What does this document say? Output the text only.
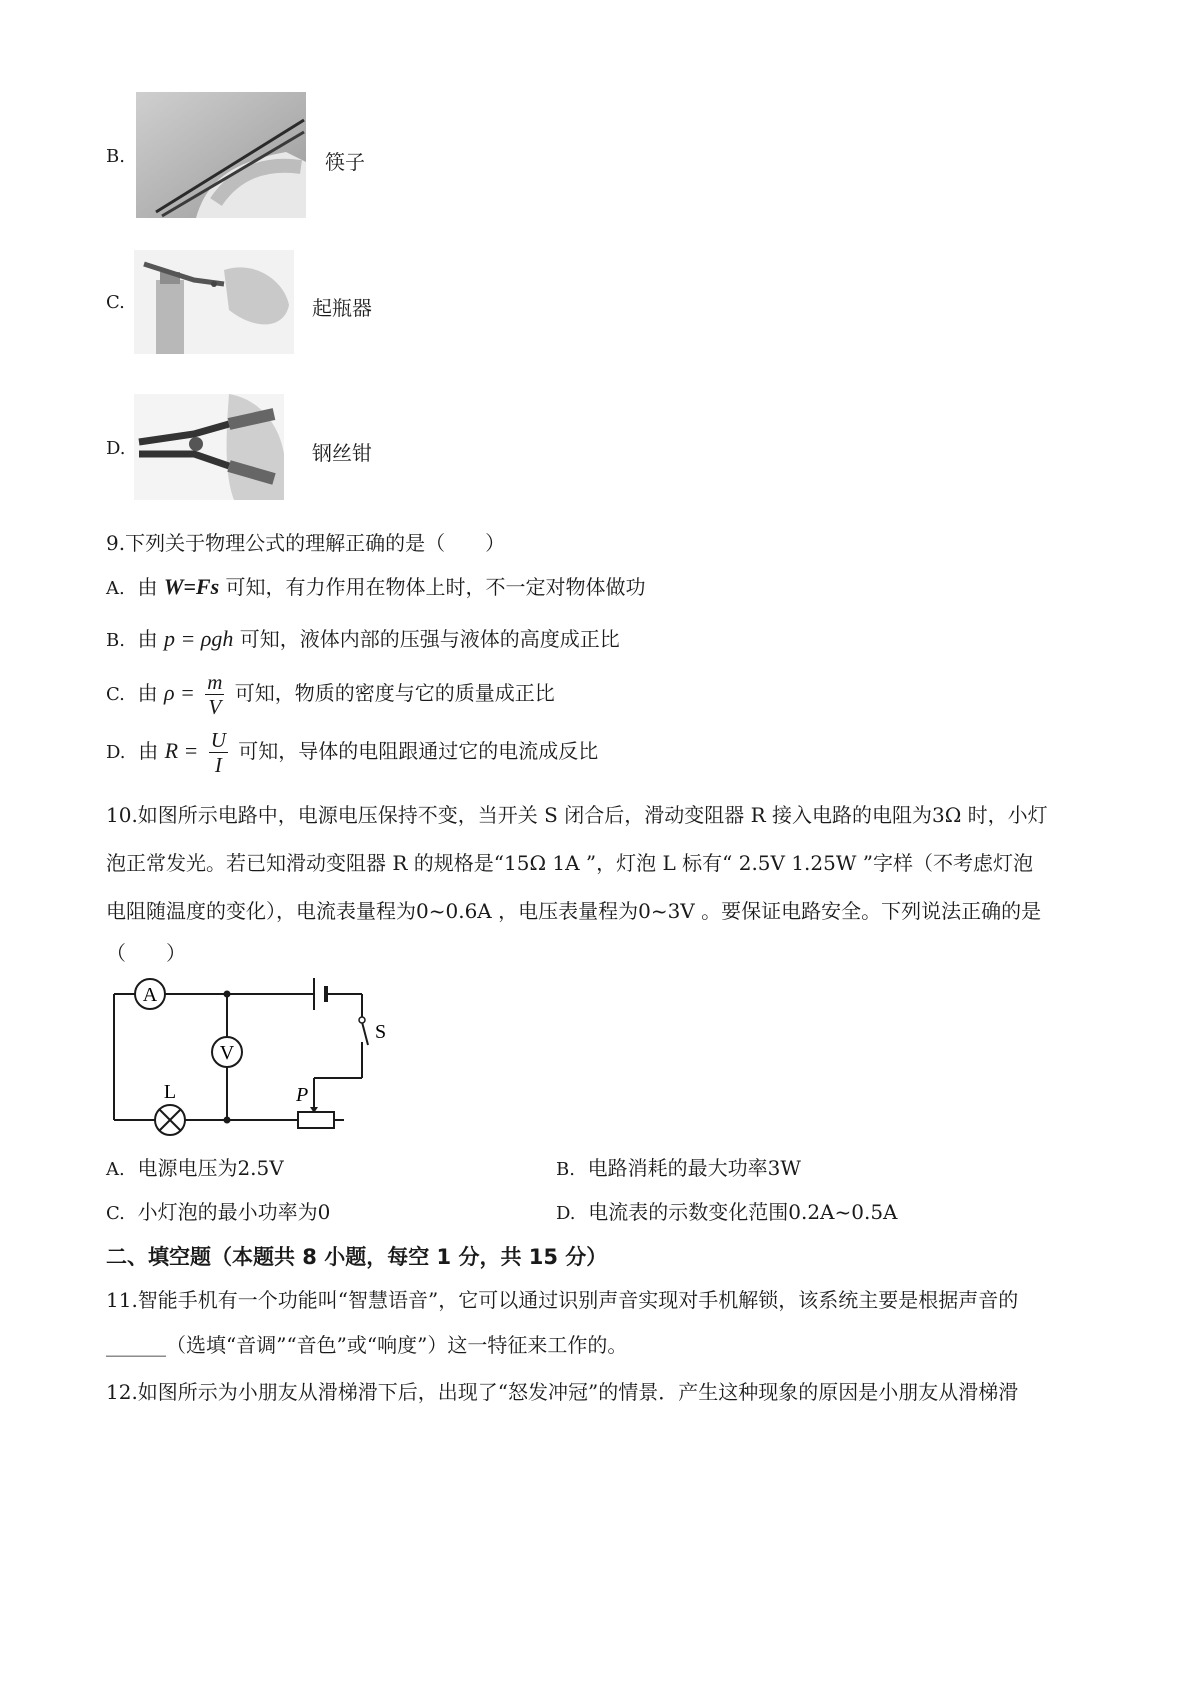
B.	筷子
C.	起瓶器
D.	钢丝钳
9.下列关于物理公式的理解正确的是（　　）
A. 由 W=Fs 可知，有力作用在物体上时，不一定对物体做功
B. 由 p = ρgh 可知，液体内部的压强与液体的高度成正比
C. 由 $\rho = \frac{m}{V}$ 可知，物质的密度与它的质量成正比
D. 由 $R = \frac{U}{I}$ 可知，导体的电阻跟通过它的电流成反比
10.如图所示电路中，电源电压保持不变，当开关 S 闭合后，滑动变阻器 R 接入电路的电阻为3Ω 时，小灯
泡正常发光。若已知滑动变阻器 R 的规格是“15Ω 1A ”，灯泡 L 标有“ 2.5V 1.25W ”字样（不考虑灯泡
电阻随温度的变化），电流表量程为0~0.6A ，电压表量程为0~3V 。要保证电路安全。下列说法正确的是
（　　）
A
V
L
S
P
A. 电源电压为2.5V	B. 电路消耗的最大功率3W
C. 小灯泡的最小功率为0	D. 电流表的示数变化范围0.2A~0.5A
二、填空题（本题共 8 小题，每空 1 分，共 15 分）
11.智能手机有一个功能叫“智慧语音”，它可以通过识别声音实现对手机解锁，该系统主要是根据声音的
______（选填“音调”“音色”或“响度”）这一特征来工作的。
12.如图所示为小朋友从滑梯滑下后，出现了“怒发冲冠”的情景．产生这种现象的原因是小朋友从滑梯滑
